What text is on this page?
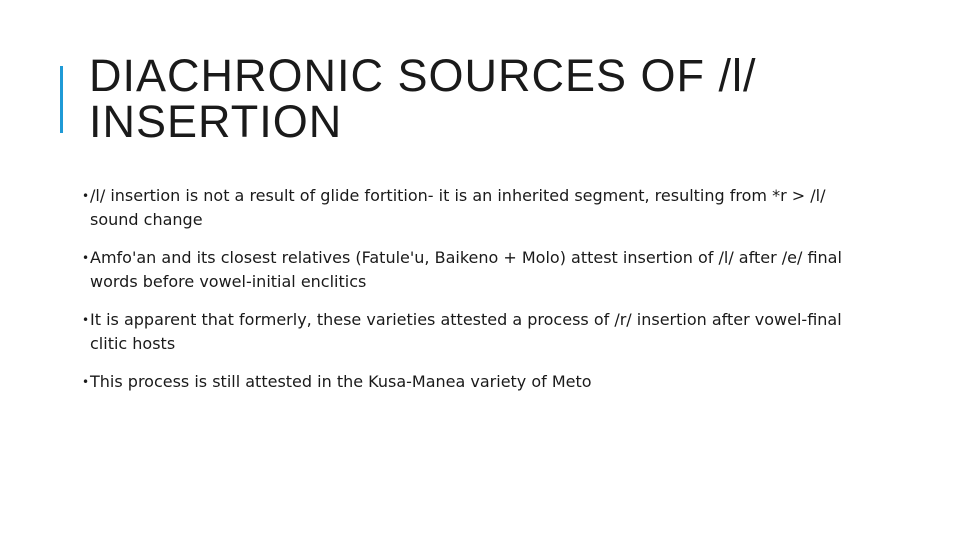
DIACHRONIC SOURCES OF /l/ INSERTION
• /l/ insertion is not a result of glide fortition- it is an inherited segment, resulting from *r > /l/ sound change
• Amfo'an and its closest relatives (Fatule'u, Baikeno + Molo) attest insertion of /l/ after /e/ final words before vowel-initial enclitics
• It is apparent that formerly, these varieties attested a process of /r/ insertion after vowel-final clitic hosts
• This process is still attested in the Kusa-Manea variety of Meto
